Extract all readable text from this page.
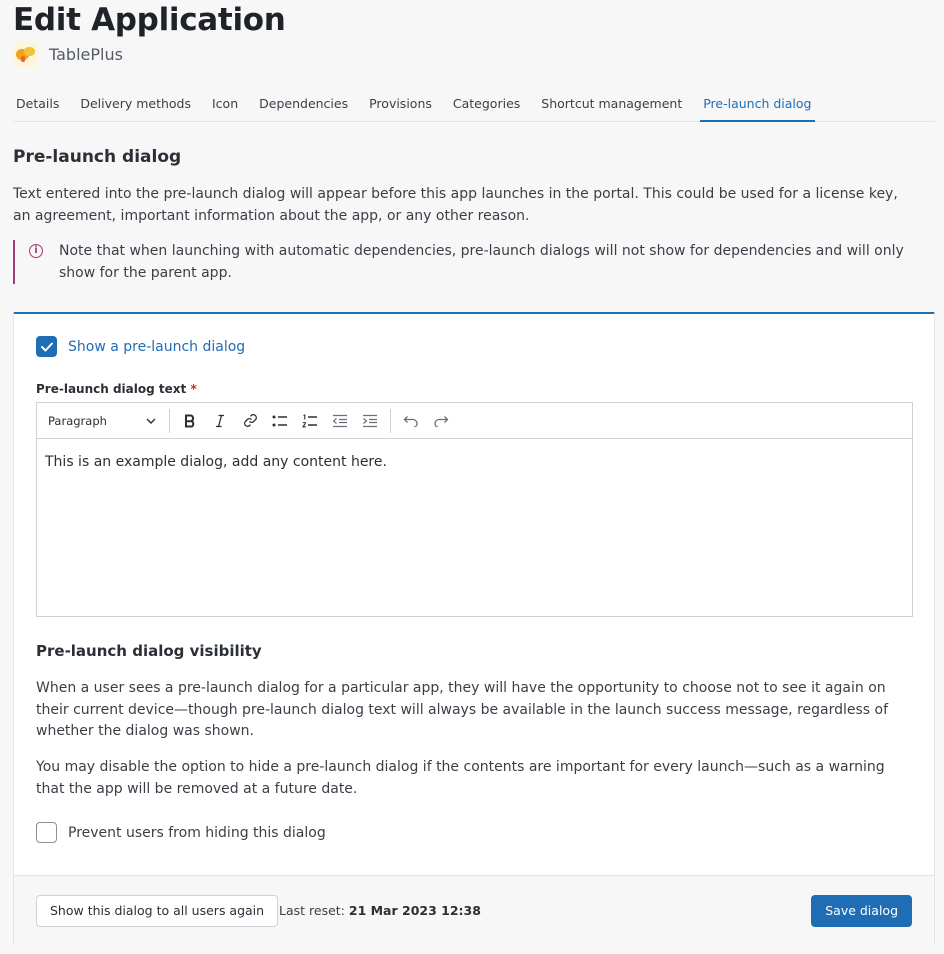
Edit Application
TablePlus
Details Delivery methods Icon Dependencies Provisions Categories Shortcut management Pre-launch dialog
Pre-launch dialog
Text entered into the pre-launch dialog will appear before this app launches in the portal. This could be used for a license key, an agreement, important information about the app, or any other reason.
i	Note that when launching with automatic dependencies, pre-launch dialogs will not show for dependencies and will only show for the parent app.
Show a pre-launch dialog
Pre-launch dialog text *
Paragraph
This is an example dialog, add any content here.
Pre-launch dialog visibility
When a user sees a pre-launch dialog for a particular app, they will have the opportunity to choose not to see it again on their current device—though pre-launch dialog text will always be available in the launch success message, regardless of whether the dialog was shown.
You may disable the option to hide a pre-launch dialog if the contents are important for every launch—such as a warning that the app will be removed at a future date.
Prevent users from hiding this dialog
Show this dialog to all users again	Last reset: 21 Mar 2023 12:38	Save dialog
